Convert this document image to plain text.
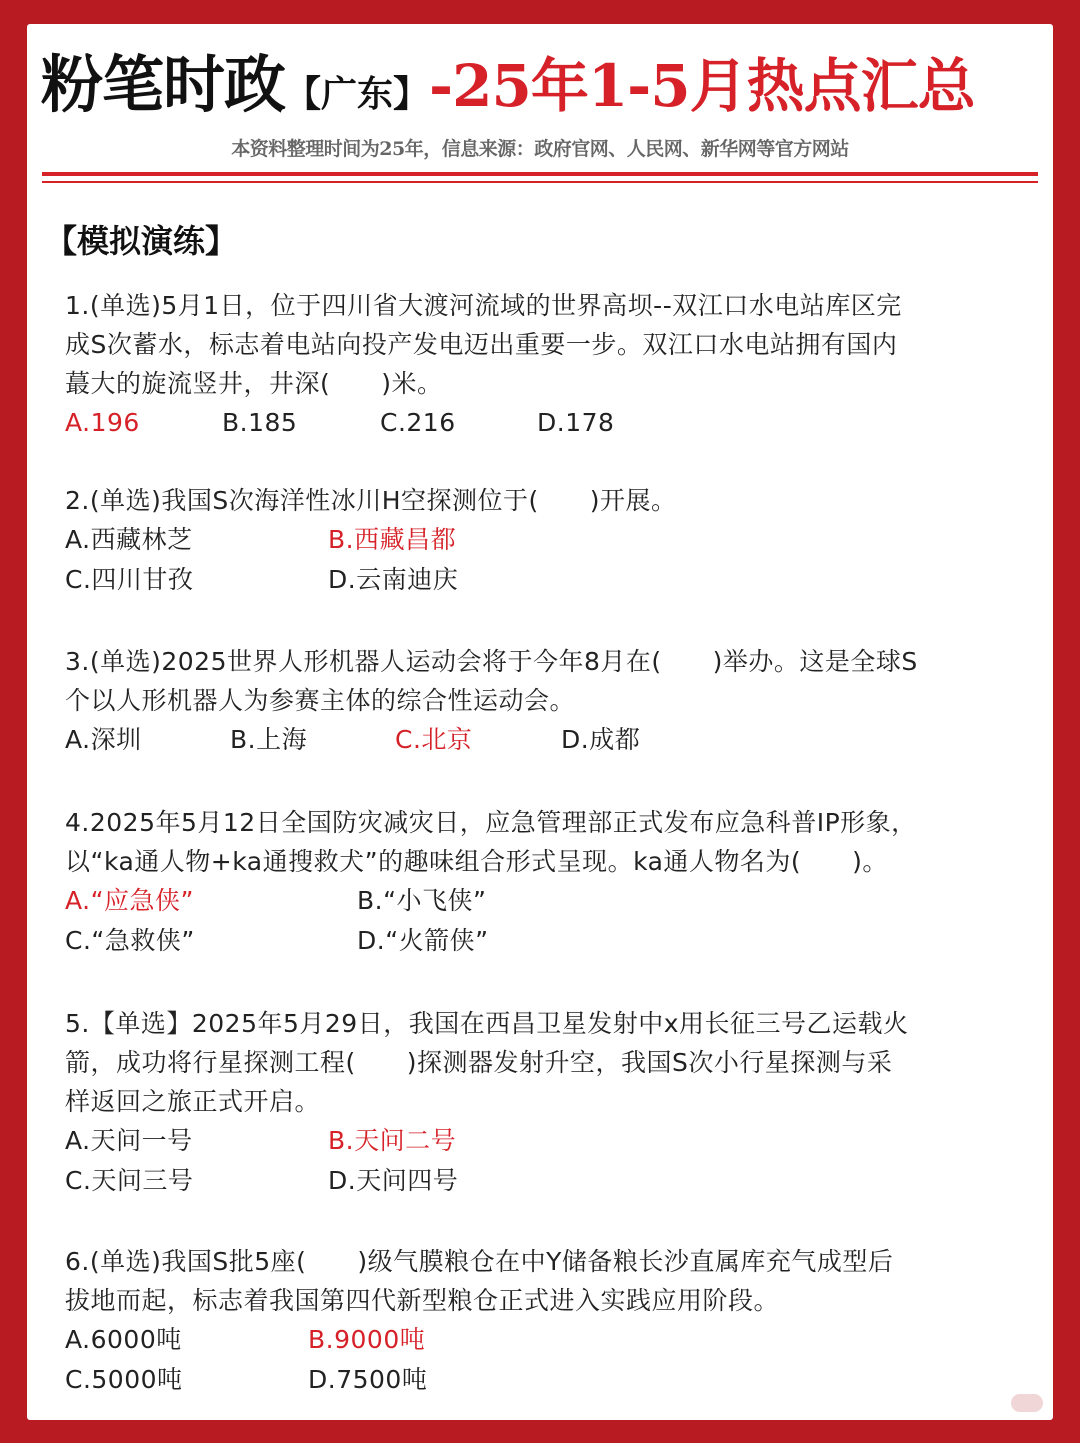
粉笔时政【广东】-25年1-5月热点汇总
本资料整理时间为25年，信息来源：政府官网、人民网、新华网等官方网站
【模拟演练】

1.(单选)5月1日，位于四川省大渡河流域的世界高坝--双江口水电站库区完

成S次蓄水，标志着电站向投产发电迈出重要一步。双江口水电站拥有国内

蕞大的旋流竖井，井深(　　)米。

A.196	B.185	C.216	D.178

2.(单选)我国S次海洋性冰川H空探测位于(　　)开展。

A.西藏林芝	B.西藏昌都
C.四川甘孜	D.云南迪庆

3.(单选)2025世界人形机器人运动会将于今年8月在(　　)举办。这是全球S

个以人形机器人为参赛主体的综合性运动会。

A.深圳	B.上海	C.北京	D.成都

4.2025年5月12日全国防灾减灾日，应急管理部正式发布应急科普IP形象，

以“ka通人物+ka通搜救犬”的趣味组合形式呈现。ka通人物名为(　　)。

A.“应急侠”	B.“小飞侠”
C.“急救侠”	D.“火箭侠”

5.【单选】2025年5月29日，我国在西昌卫星发射中x用长征三号乙运载火

箭，成功将行星探测工程(　　)探测器发射升空，我国S次小行星探测与采

样返回之旅正式开启。

A.天问一号	B.天问二号
C.天问三号	D.天问四号

6.(单选)我国S批5座(　　)级气膜粮仓在中Y储备粮长沙直属库充气成型后

拔地而起，标志着我国第四代新型粮仓正式进入实践应用阶段。

A.6000吨	B.9000吨
C.5000吨	D.7500吨
